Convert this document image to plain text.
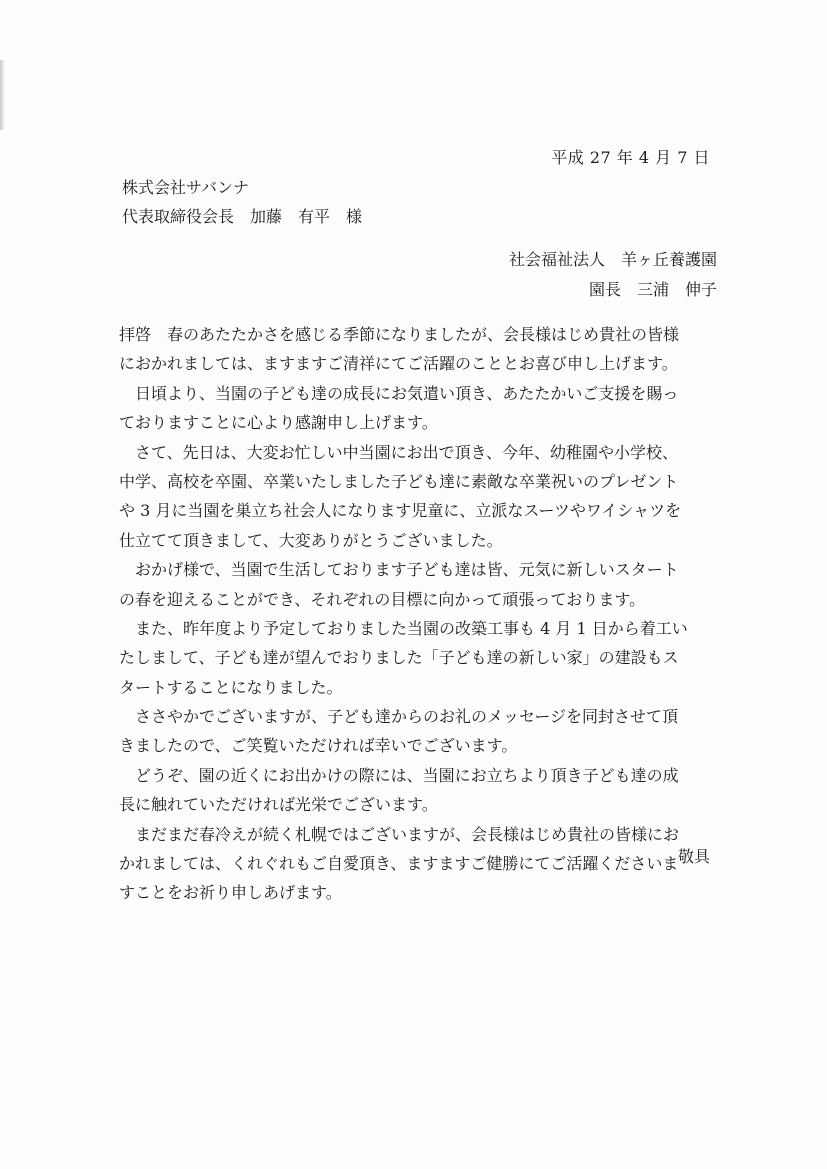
平成 27 年 4 月 7 日
株式会社サバンナ
代表取締役会長　加藤　有平　様
社会福祉法人　羊ヶ丘養護園
園長　三浦　伸子
拝啓　春のあたたかさを感じる季節になりましたが、会長様はじめ貴社の皆様
におかれましては、ますますご清祥にてご活躍のこととお喜び申し上げます。
　日頃より、当園の子ども達の成長にお気遣い頂き、あたたかいご支援を賜っ
ておりますことに心より感謝申し上げます。
　さて、先日は、大変お忙しい中当園にお出で頂き、今年、幼稚園や小学校、
中学、高校を卒園、卒業いたしました子ども達に素敵な卒業祝いのプレゼント
や 3 月に当園を巣立ち社会人になります児童に、立派なスーツやワイシャツを
仕立てて頂きまして、大変ありがとうございました。
　おかげ様で、当園で生活しております子ども達は皆、元気に新しいスタート
の春を迎えることができ、それぞれの目標に向かって頑張っております。
　また、昨年度より予定しておりました当園の改築工事も 4 月 1 日から着工い
たしまして、子ども達が望んでおりました「子ども達の新しい家」の建設もス
タートすることになりました。
　ささやかでございますが、子ども達からのお礼のメッセージを同封させて頂
きましたので、ご笑覧いただければ幸いでございます。
　どうぞ、園の近くにお出かけの際には、当園にお立ちより頂き子ども達の成
長に触れていただければ光栄でございます。
　まだまだ春冷えが続く札幌ではございますが、会長様はじめ貴社の皆様にお
かれましては、くれぐれもご自愛頂き、ますますご健勝にてご活躍くださいま
すことをお祈り申しあげます。
敬具
